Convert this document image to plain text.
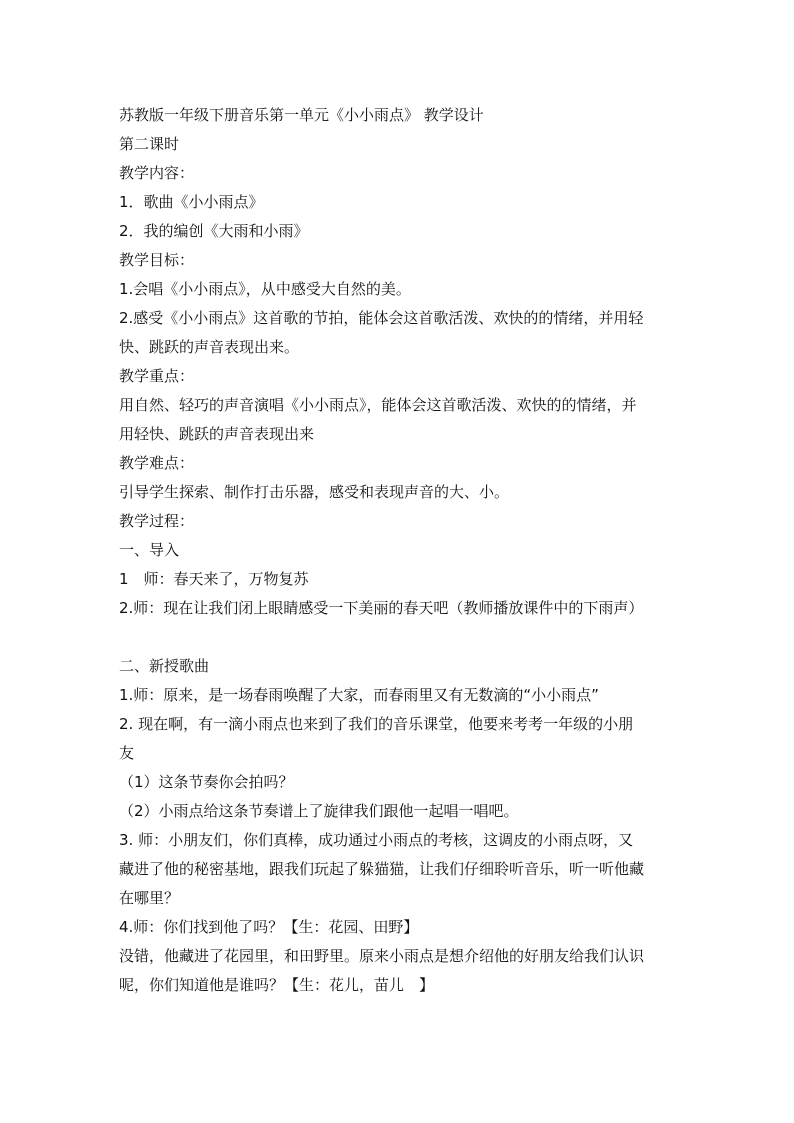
苏教版一年级下册音乐第一单元《小小雨点》 教学设计
第二课时
教学内容：
1．歌曲《小小雨点》
2．我的编创《大雨和小雨》
教学目标：
1.会唱《小小雨点》，从中感受大自然的美。
2.感受《小小雨点》这首歌的节拍，能体会这首歌活泼、欢快的的情绪，并用轻
快、跳跃的声音表现出来。
教学重点：
用自然、轻巧的声音演唱《小小雨点》，能体会这首歌活泼、欢快的的情绪，并
用轻快、跳跃的声音表现出来
教学难点：
引导学生探索、制作打击乐器，感受和表现声音的大、小。
教学过程：
一、导入
1　师：春天来了，万物复苏
2.师：现在让我们闭上眼睛感受一下美丽的春天吧（教师播放课件中的下雨声）
二、新授歌曲
1.师：原来，是一场春雨唤醒了大家，而春雨里又有无数滴的“小小雨点”
2. 现在啊，有一滴小雨点也来到了我们的音乐课堂，他要来考考一年级的小朋
友
（1）这条节奏你会拍吗？
（2）小雨点给这条节奏谱上了旋律我们跟他一起唱一唱吧。
3. 师：小朋友们，你们真棒，成功通过小雨点的考核，这调皮的小雨点呀，又
藏进了他的秘密基地，跟我们玩起了躲猫猫，让我们仔细聆听音乐，听一听他藏
在哪里？
4.师：你们找到他了吗？【生：花园、田野】
没错，他藏进了花园里，和田野里。原来小雨点是想介绍他的好朋友给我们认识
呢，你们知道他是谁吗？【生：花儿，苗儿　】
